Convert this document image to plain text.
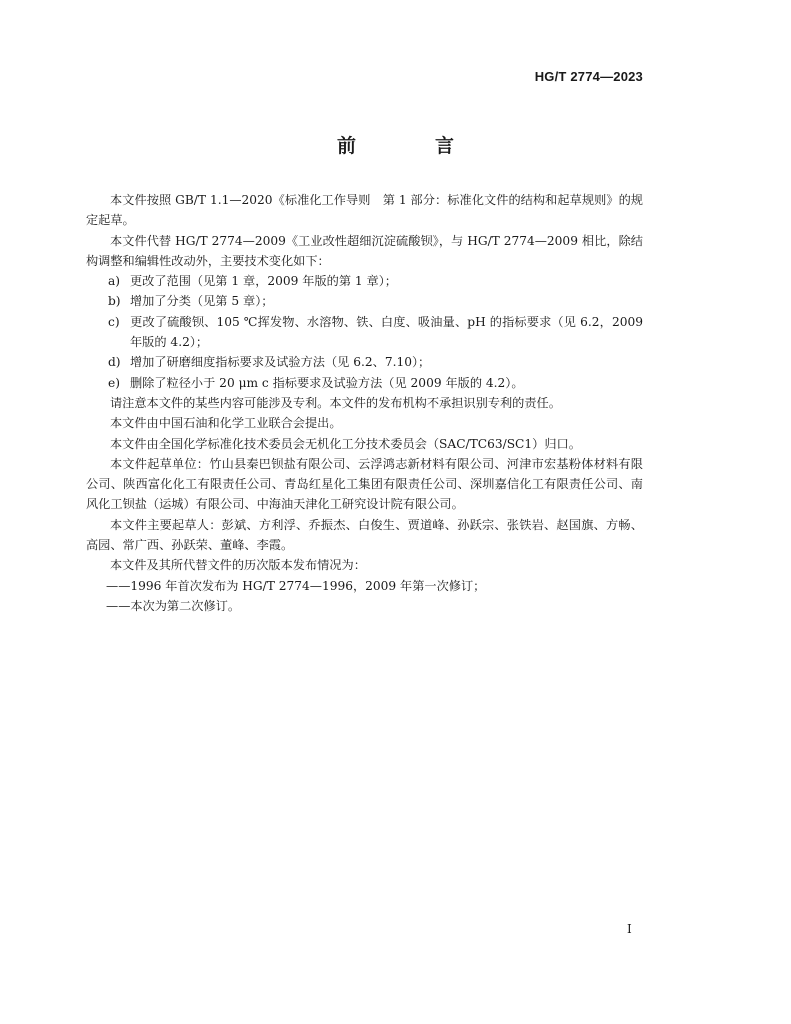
HG/T 2774—2023
前　言

本文件按照 GB/T 1.1—2020《标准化工作导则　第 1 部分：标准化文件的结构和起草规则》的规定起草。

本文件代替 HG/T 2774—2009《工业改性超细沉淀硫酸钡》，与 HG/T 2774—2009 相比，除结构调整和编辑性改动外，主要技术变化如下：

a) 更改了范围（见第 1 章，2009 年版的第 1 章）；

b) 增加了分类（见第 5 章）；

c) 更改了硫酸钡、105 ℃挥发物、水溶物、铁、白度、吸油量、pH 的指标要求（见 6.2，2009 年版的 4.2）；

d) 增加了研磨细度指标要求及试验方法（见 6.2、7.10）；

e) 删除了粒径小于 20 μm c 指标要求及试验方法（见 2009 年版的 4.2）。

请注意本文件的某些内容可能涉及专利。本文件的发布机构不承担识别专利的责任。

本文件由中国石油和化学工业联合会提出。

本文件由全国化学标准化技术委员会无机化工分技术委员会（SAC/TC63/SC1）归口。

本文件起草单位：竹山县秦巴钡盐有限公司、云浮鸿志新材料有限公司、河津市宏基粉体材料有限公司、陕西富化化工有限责任公司、青岛红星化工集团有限责任公司、深圳嘉信化工有限责任公司、南风化工钡盐（运城）有限公司、中海油天津化工研究设计院有限公司。

本文件主要起草人：彭斌、方利浮、乔振杰、白俊生、贾道峰、孙跃宗、张铁岩、赵国旗、方畅、高园、常广西、孙跃荣、董峰、李霞。

本文件及其所代替文件的历次版本发布情况为：

——1996 年首次发布为 HG/T 2774—1996，2009 年第一次修订；

——本次为第二次修订。

I
